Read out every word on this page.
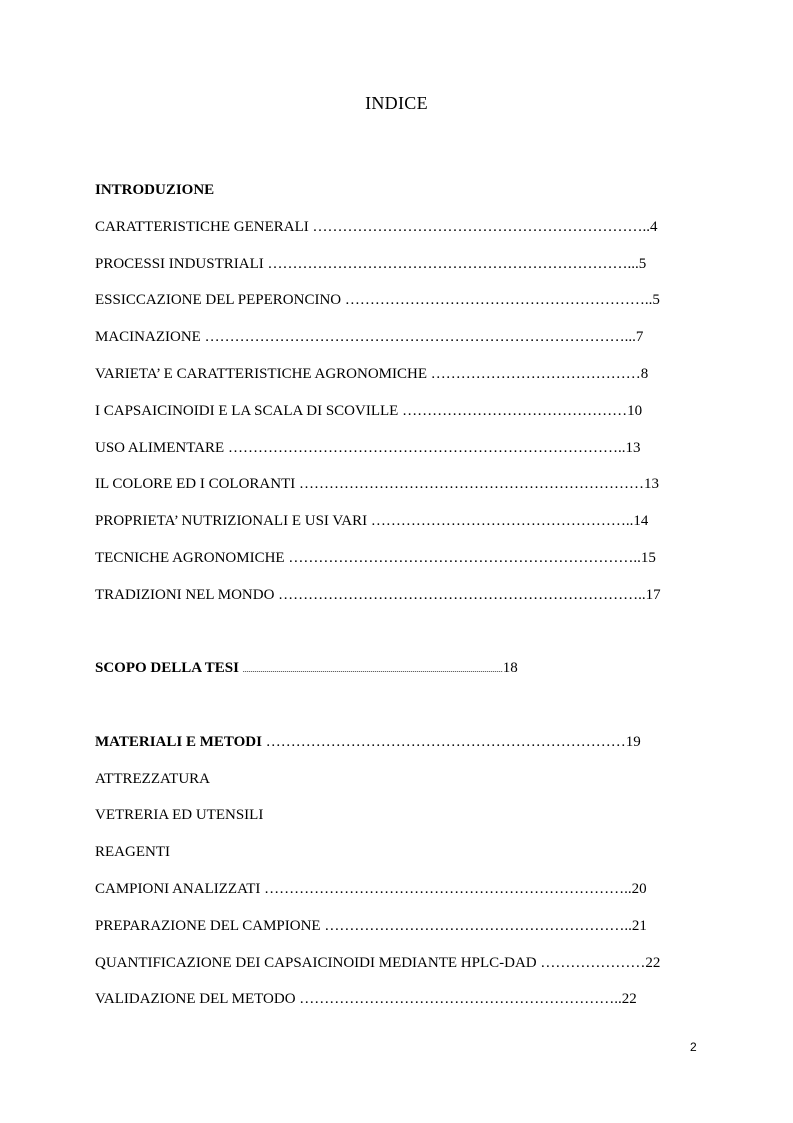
INDICE
INTRODUZIONE
CARATTERISTICHE GENERALI …………………………………………………………..4
PROCESSI INDUSTRIALI ………………………………………………………………...5
ESSICCAZIONE DEL PEPERONCINO ……………………………………………………..5
MACINAZIONE …………………………………………………………………………...7
VARIETA’ E CARATTERISTICHE AGRONOMICHE ……………………………………8
I CAPSAICINOIDI E LA SCALA DI SCOVILLE ………………………………………10
USO ALIMENTARE ……………………………………………………………………..13
IL COLORE ED I COLORANTI ……………………………………………………………13
PROPRIETA’ NUTRIZIONALI E USI VARI ……………………………………………..14
TECNICHE AGRONOMICHE ……………………………………………………………..15
TRADIZIONI NEL MONDO ………………………………………………………………..17
SCOPO DELLA TESI ..................................................................................................................................18
MATERIALI E METODI ………………………………………………………………19
ATTREZZATURA
VETRERIA ED UTENSILI
REAGENTI
CAMPIONI ANALIZZATI ………………………………………………………………..20
PREPARAZIONE DEL CAMPIONE ……………………………………………………..21
QUANTIFICAZIONE DEI CAPSAICINOIDI MEDIANTE HPLC-DAD …………………22
VALIDAZIONE DEL METODO ………………………………………………………..22
2
